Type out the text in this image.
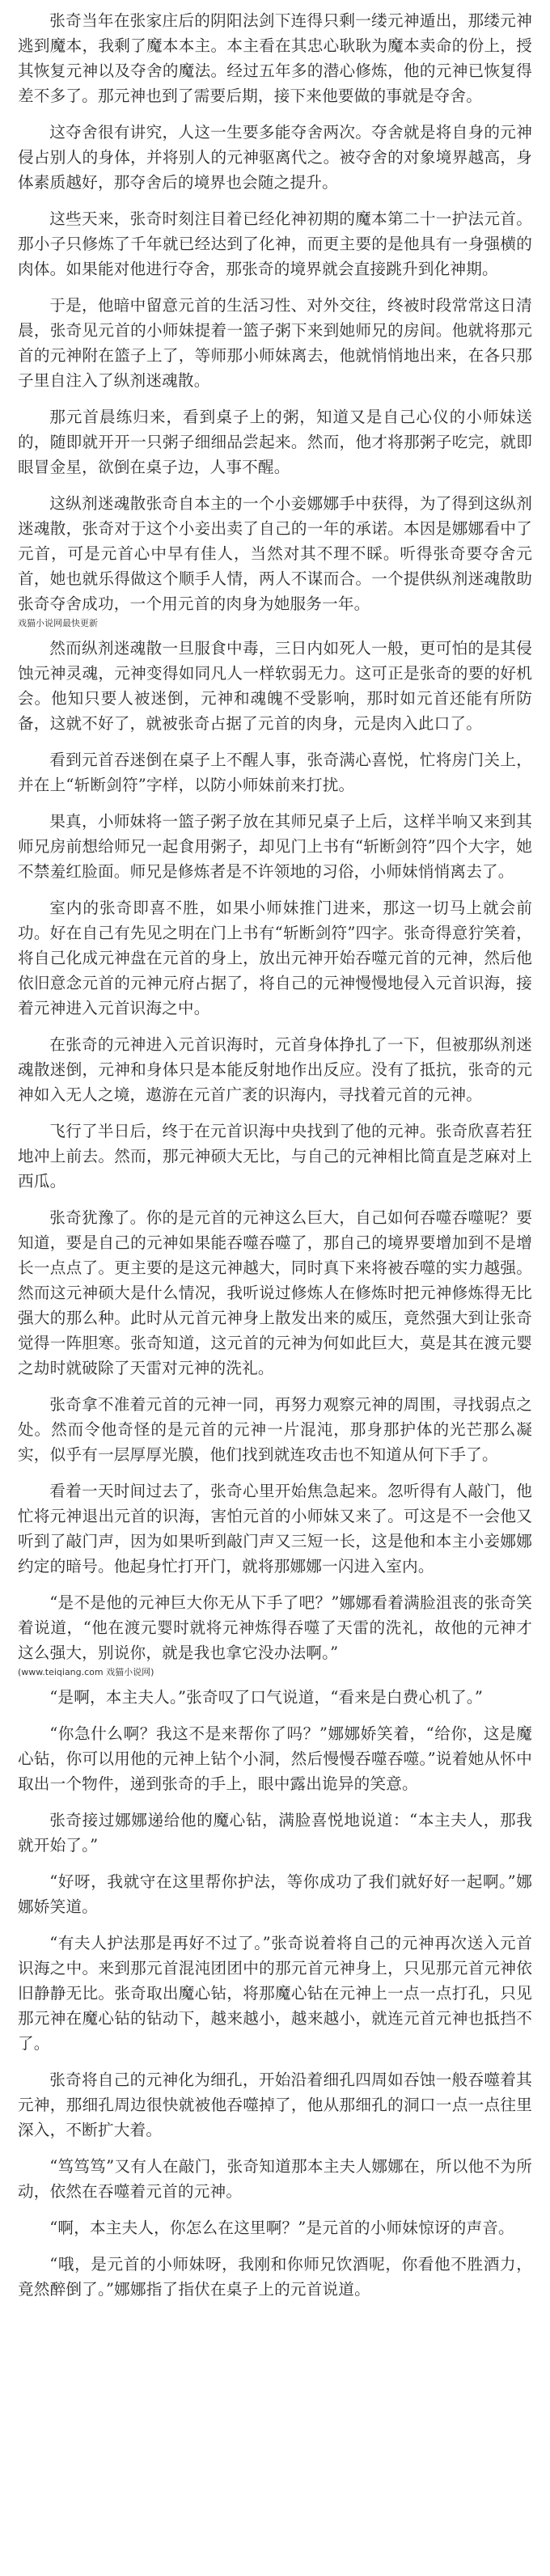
张奇当年在张家庄后的阴阳法剑下连得只剩一缕元神遁出，那缕元神逃到魔本，我剩了魔本本主。本主看在其忠心耿耿为魔本卖命的份上，授其恢复元神以及夺舍的魔法。经过五年多的潜心修炼，他的元神已恢复得差不多了。那元神也到了需要后期，接下来他要做的事就是夺舍。

这夺舍很有讲究，人这一生要多能夺舍两次。夺舍就是将自身的元神侵占别人的身体，并将别人的元神驱离代之。被夺舍的对象境界越高，身体素质越好，那夺舍后的境界也会随之提升。

这些天来，张奇时刻注目着已经化神初期的魔本第二十一护法元首。那小子只修炼了千年就已经达到了化神，而更主要的是他具有一身强横的肉体。如果能对他进行夺舍，那张奇的境界就会直接跳升到化神期。

于是，他暗中留意元首的生活习性、对外交往，终被时段常常这日清晨，张奇见元首的小师妹提着一篮子粥下来到她师兄的房间。他就将那元首的元神附在篮子上了，等师那小师妹离去，他就悄悄地出来，在各只那子里自注入了纵剂迷魂散。

那元首晨练归来，看到桌子上的粥，知道又是自己心仪的小师妹送的，随即就开开一只粥子细细品尝起来。然而，他才将那粥子吃完，就即眼冒金星，欲倒在桌子边，人事不醒。

这纵剂迷魂散张奇自本主的一个小妾娜娜手中获得，为了得到这纵剂迷魂散，张奇对于这个小妾出卖了自己的一年的承诺。本因是娜娜看中了元首，可是元首心中早有佳人，当然对其不理不睬。听得张奇要夺舍元首，她也就乐得做这个顺手人情，两人不谋而合。一个提供纵剂迷魂散助张奇夺舍成功，一个用元首的肉身为她服务一年。

戏猫小说网最快更新

然而纵剂迷魂散一旦服食中毒，三日内如死人一般，更可怕的是其侵蚀元神灵魂，元神变得如同凡人一样软弱无力。这可正是张奇的要的好机会。他知只要人被迷倒，元神和魂魄不受影响，那时如元首还能有所防备，这就不好了，就被张奇占据了元首的肉身，元是肉入此口了。

看到元首吞迷倒在桌子上不醒人事，张奇满心喜悦，忙将房门关上，并在上“斩断剑符”字样，以防小师妹前来打扰。

果真，小师妹将一篮子粥子放在其师兄桌子上后，这样半响又来到其师兄房前想给师兄一起食用粥子，却见门上书有“斩断剑符”四个大字，她不禁羞红脸面。师兄是修炼者是不许领地的习俗，小师妹悄悄离去了。

室内的张奇即喜不胜，如果小师妹推门进来，那这一切马上就会前功。好在自己有先见之明在门上书有“斩断剑符”四字。张奇得意狞笑着，将自己化成元神盘在元首的身上，放出元神开始吞噬元首的元神，然后他依旧意念元首的元神元府占据了，将自己的元神慢慢地侵入元首识海，接着元神进入元首识海之中。

在张奇的元神进入元首识海时，元首身体挣扎了一下，但被那纵剂迷魂散迷倒，元神和身体只是本能反射地作出反应。没有了抵抗，张奇的元神如入无人之境，遨游在元首广袤的识海内，寻找着元首的元神。

飞行了半日后，终于在元首识海中央找到了他的元神。张奇欣喜若狂地冲上前去。然而，那元神硕大无比，与自己的元神相比简直是芝麻对上西瓜。

张奇犹豫了。你的是元首的元神这么巨大，自己如何吞噬吞噬呢？要知道，要是自己的元神如果能吞噬吞噬了，那自己的境界要增加到不是增长一点点了。更主要的是这元神越大，同时真下来将被吞噬的实力越强。然而这元神硕大是什么情况，我听说过修炼人在修炼时把元神修炼得无比强大的那么种。此时从元首元神身上散发出来的威压，竟然强大到让张奇觉得一阵胆寒。张奇知道，这元首的元神为何如此巨大，莫是其在渡元婴之劫时就破除了天雷对元神的洗礼。

张奇拿不准着元首的元神一同，再努力观察元神的周围，寻找弱点之处。然而令他奇怪的是元首的元神一片混沌，那身那护体的光芒那么凝实，似乎有一层厚厚光膜，他们找到就连攻击也不知道从何下手了。

看着一天时间过去了，张奇心里开始焦急起来。忽听得有人敲门，他忙将元神退出元首的识海，害怕元首的小师妹又来了。可这是不一会他又听到了敲门声，因为如果听到敲门声又三短一长，这是他和本主小妾娜娜约定的暗号。他起身忙打开门，就将那娜娜一闪进入室内。

“是不是他的元神巨大你无从下手了吧？”娜娜看着满脸沮丧的张奇笑着说道，“他在渡元婴时就将元神炼得吞噬了天雷的洗礼，故他的元神才这么强大，别说你，就是我也拿它没办法啊。”

(www.teiqiang.com 戏猫小说网)

“是啊，本主夫人。”张奇叹了口气说道，“看来是白费心机了。”

“你急什么啊？我这不是来帮你了吗？”娜娜娇笑着，“给你，这是魔心钻，你可以用他的元神上钻个小洞，然后慢慢吞噬吞噬。”说着她从怀中取出一个物件，递到张奇的手上，眼中露出诡异的笑意。

张奇接过娜娜递给他的魔心钻，满脸喜悦地说道：“本主夫人，那我就开始了。”

“好呀，我就守在这里帮你护法，等你成功了我们就好好一起啊。”娜娜娇笑道。

“有夫人护法那是再好不过了。”张奇说着将自己的元神再次送入元首识海之中。来到那元首混沌团团中的那元首元神身上，只见那元首元神依旧静静无比。张奇取出魔心钻，将那魔心钻在元神上一点一点打孔，只见那元神在魔心钻的钻动下，越来越小，越来越小，就连元首元神也抵挡不了。

张奇将自己的元神化为细孔，开始沿着细孔四周如吞蚀一般吞噬着其元神，那细孔周边很快就被他吞噬掉了，他从那细孔的洞口一点一点往里深入，不断扩大着。

“笃笃笃”又有人在敲门，张奇知道那本主夫人娜娜在，所以他不为所动，依然在吞噬着元首的元神。

“啊，本主夫人，你怎么在这里啊？”是元首的小师妹惊讶的声音。

“哦，是元首的小师妹呀，我刚和你师兄饮酒呢，你看他不胜酒力，竟然醉倒了。”娜娜指了指伏在桌子上的元首说道。
